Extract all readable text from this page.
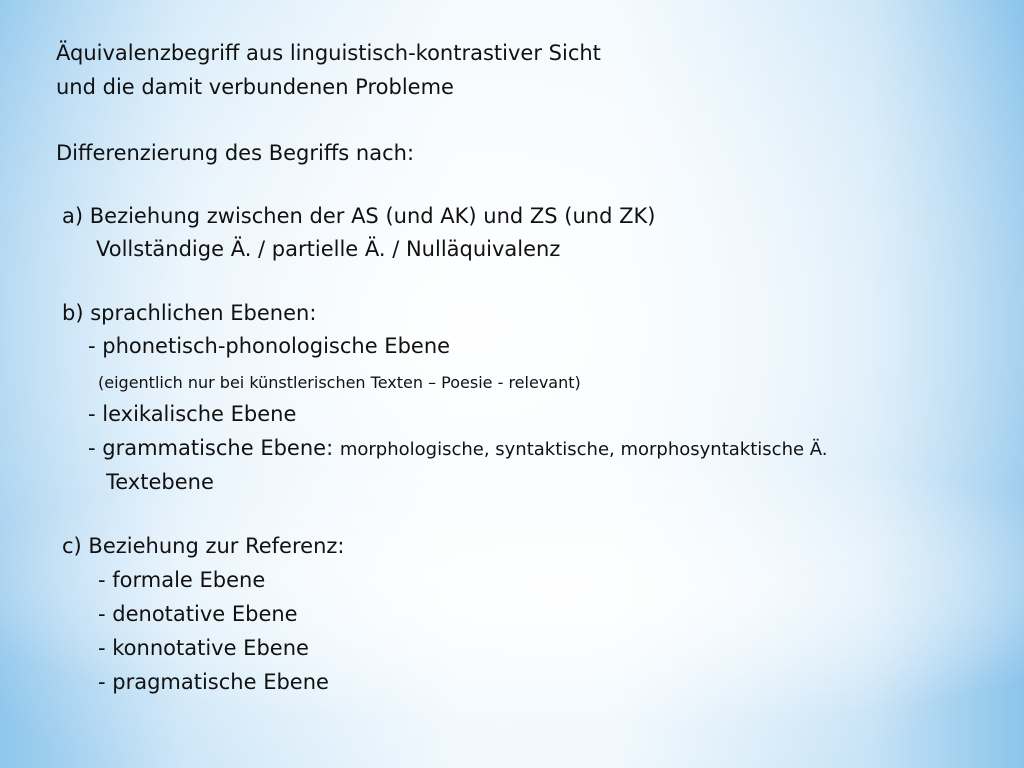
Äquivalenzbegriff aus linguistisch-kontrastiver Sicht
und die damit verbundenen Probleme
Differenzierung des Begriffs nach:
a) Beziehung zwischen der AS (und AK) und ZS (und ZK)
Vollständige Ä. / partielle Ä. / Nulläquivalenz
b) sprachlichen Ebenen:
- phonetisch-phonologische Ebene
(eigentlich nur bei künstlerischen Texten – Poesie - relevant)
- lexikalische Ebene
- grammatische Ebene: morphologische, syntaktische, morphosyntaktische Ä.
Textebene
c) Beziehung zur Referenz:
- formale Ebene
- denotative Ebene
- konnotative Ebene
- pragmatische Ebene
